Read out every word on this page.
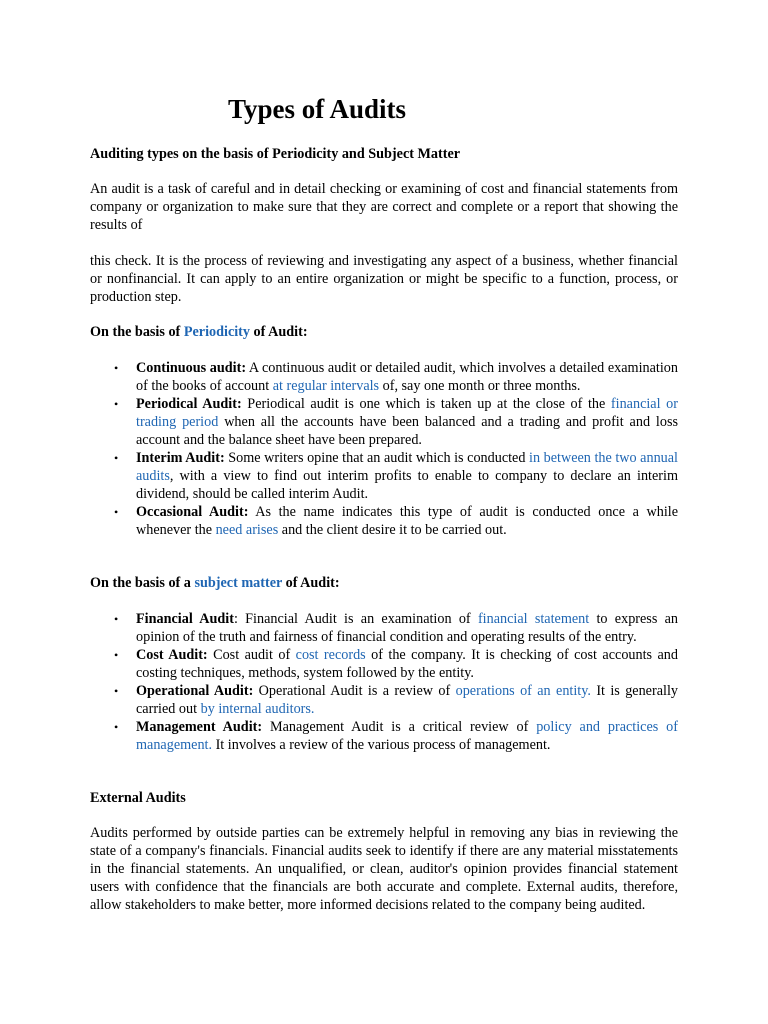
Types of Audits

Auditing types on the basis of Periodicity and Subject Matter

An audit is a task of careful and in detail checking or examining of cost and financial statements from company or organization to make sure that they are correct and complete or a report that showing the results of

this check. It is the process of reviewing and investigating any aspect of a business, whether financial or nonfinancial. It can apply to an entire organization or might be specific to a function, process, or production step.

On the basis of Periodicity of Audit:

• Continuous audit: A continuous audit or detailed audit, which involves a detailed examination of the books of account at regular intervals of, say one month or three months.
• Periodical Audit: Periodical audit is one which is taken up at the close of the financial or trading period when all the accounts have been balanced and a trading and profit and loss account and the balance sheet have been prepared.
• Interim Audit: Some writers opine that an audit which is conducted in between the two annual audits, with a view to find out interim profits to enable to company to declare an interim dividend, should be called interim Audit.
• Occasional Audit: As the name indicates this type of audit is conducted once a while whenever the need arises and the client desire it to be carried out.

On the basis of a subject matter of Audit:

• Financial Audit: Financial Audit is an examination of financial statement to express an opinion of the truth and fairness of financial condition and operating results of the entry.
• Cost Audit: Cost audit of cost records of the company. It is checking of cost accounts and costing techniques, methods, system followed by the entity.
• Operational Audit: Operational Audit is a review of operations of an entity. It is generally carried out by internal auditors.
• Management Audit: Management Audit is a critical review of policy and practices of management. It involves a review of the various process of management.

External Audits

Audits performed by outside parties can be extremely helpful in removing any bias in reviewing the state of a company's financials. Financial audits seek to identify if there are any material misstatements in the financial statements. An unqualified, or clean, auditor's opinion provides financial statement users with confidence that the financials are both accurate and complete. External audits, therefore, allow stakeholders to make better, more informed decisions related to the company being audited.
